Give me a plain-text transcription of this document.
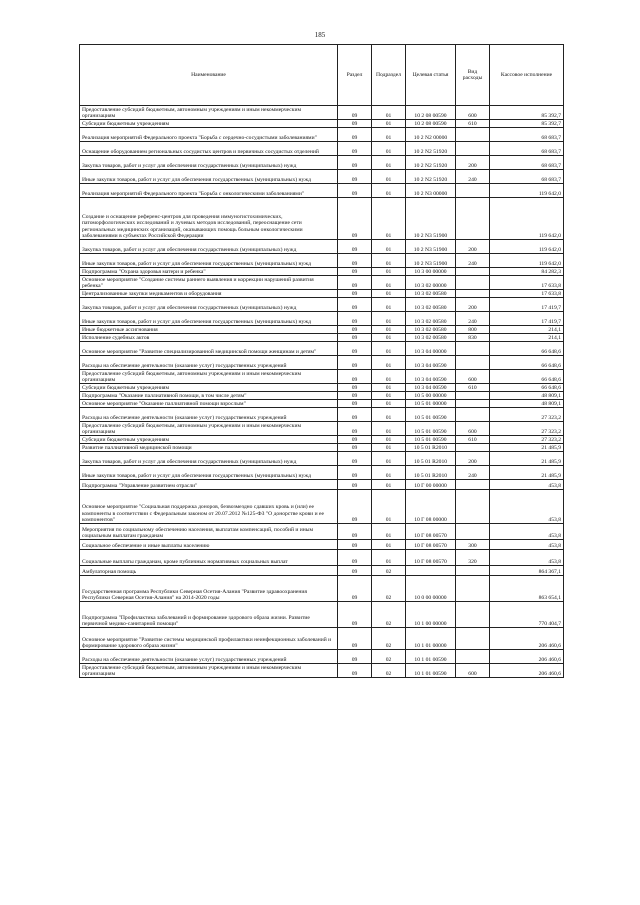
185
Наименование	Раздел	Подраздел	Целевая статья	Вид расходы	Кассовое исполнение
Предоставление субсидий бюджетным, автономным учреждениям и иным некоммерческим организациям	09	01	10 2 08 00590	600	85 392,7
Субсидии бюджетным учреждениям	09	01	10 2 08 00590	610	85 392,7
Реализация мероприятий Федерального проекта "Борьба с сердечно-сосудистыми заболеваниями"	09	01	10 2 N2 00000		68 683,7
Оснащение оборудованием региональных сосудистых центров и первичных сосудистых отделений	09	01	10 2 N2 51920		68 683,7
Закупка товаров, работ и услуг для обеспечения государственных (муниципальных) нужд	09	01	10 2 N2 51920	200	68 683,7
Иные закупки товаров, работ и услуг для обеспечения государственных (муниципальных) нужд	09	01	10 2 N2 51920	240	68 683,7
Реализация мероприятий Федерального проекта "Борьба с онкологическими заболеваниями"	09	01	10 2 N3 00000		119 642,0
Создание и оснащение референс-центров для проведения иммуногистохимических, патоморфологических исследований и лучевых методов исследований, переоснащение сети региональных медицинских организаций, оказывающих помощь больным онкологическими заболеваниями в субъектах Российской Федерации	09	01	10 2 N3 51900		119 642,0
Закупка товаров, работ и услуг для обеспечения государственных (муниципальных) нужд	09	01	10 2 N3 51900	200	119 642,0
Иные закупки товаров, работ и услуг для обеспечения государственных (муниципальных) нужд	09	01	10 2 N3 51900	240	119 642,0
Подпрограмма "Охрана здоровья матери и ребенка"	09	01	10 3 00 00000		84 282,3
Основное мероприятие "Создание системы раннего выявления и коррекции нарушений развития ребенка"	09	01	10 3 02 00000		17 633,8
Централизованные закупки медикаментов и оборудования	09	01	10 3 02 00580		17 633,8
Закупка товаров, работ и услуг для обеспечения государственных (муниципальных) нужд	09	01	10 3 02 00580	200	17 419,7
Иные закупки товаров, работ и услуг для обеспечения государственных (муниципальных) нужд	09	01	10 3 02 00580	240	17 419,7
Иные бюджетные ассигнования	09	01	10 3 02 00580	800	214,1
Исполнение судебных актов	09	01	10 3 02 00580	830	214,1
Основное мероприятие "Развитие специализированной медицинской помощи женщинам и детям"	09	01	10 3 04 00000		66 648,6
Расходы на обеспечение деятельности (оказание услуг) государственных учреждений	09	01	10 3 04 00590		66 648,6
Предоставление субсидий бюджетным, автономным учреждениям и иным некоммерческим организациям	09	01	10 3 04 00590	600	66 648,6
Субсидии бюджетным учреждениям	09	01	10 3 04 00590	610	66 648,6
Подпрограмма "Оказание паллиативной помощи, в том числе детям"	09	01	10 5 00 00000		48 809,1
Основное мероприятие "Оказание паллиативной помощи взрослым"	09	01	10 5 01 00000		48 809,1
Расходы на обеспечение деятельности (оказание услуг) государственных учреждений	09	01	10 5 01 00590		27 323,2
Предоставление субсидий бюджетным, автономным учреждениям и иным некоммерческим организациям	09	01	10 5 01 00590	600	27 323,2
Субсидии бюджетным учреждениям	09	01	10 5 01 00590	610	27 323,2
Развитие паллиативной медицинской помощи	09	01	10 5 01 R2010		21 485,9
Закупка товаров, работ и услуг для обеспечения государственных (муниципальных) нужд	09	01	10 5 01 R2010	200	21 485,9
Иные закупки товаров, работ и услуг для обеспечения государственных (муниципальных) нужд	09	01	10 5 01 R2010	240	21 485,9
Подпрограмма "Управление развитием отрасли"	09	01	10 Г 00 00000		453,8
Основное мероприятие "Социальная поддержка доноров, безвозмездно сдавших кровь и (или) ее компоненты в соответствии с Федеральным законом от 20.07.2012 №125-ФЗ "О донорстве крови и ее компонентов"	09	01	10 Г 08 00000		453,8
Мероприятия по социальному обеспечению населения, выплатам компенсаций, пособий и иным социальным выплатам гражданам	09	01	10 Г 08 00570		453,8
Социальное обеспечение и иные выплаты населению	09	01	10 Г 08 00570	300	453,8
Социальные выплаты гражданам, кроме публичных нормативных социальных выплат	09	01	10 Г 08 00570	320	453,8
Амбулаторная помощь	09	02			864 367,1
Государственная программа Республики Северная Осетия-Алания "Развитие здравоохранения Республики Северная Осетия-Алания" на 2014-2020 годы	09	02	10 0 00 00000		863 654,1
Подпрограмма "Профилактика заболеваний и формирование здорового образа жизни. Развитие первичной медико-санитарной помощи"	09	02	10 1 00 00000		770 404,7
Основное мероприятие "Развитие системы медицинской профилактики неинфекционных заболеваний и формирование здорового образа жизни"	09	02	10 1 01 00000		206 460,6
Расходы на обеспечение деятельности (оказание услуг) государственных учреждений	09	02	10 1 01 00590		206 460,6
Предоставление субсидий бюджетным, автономным учреждениям и иным некоммерческим организациям	09	02	10 1 01 00590	600	206 460,6
